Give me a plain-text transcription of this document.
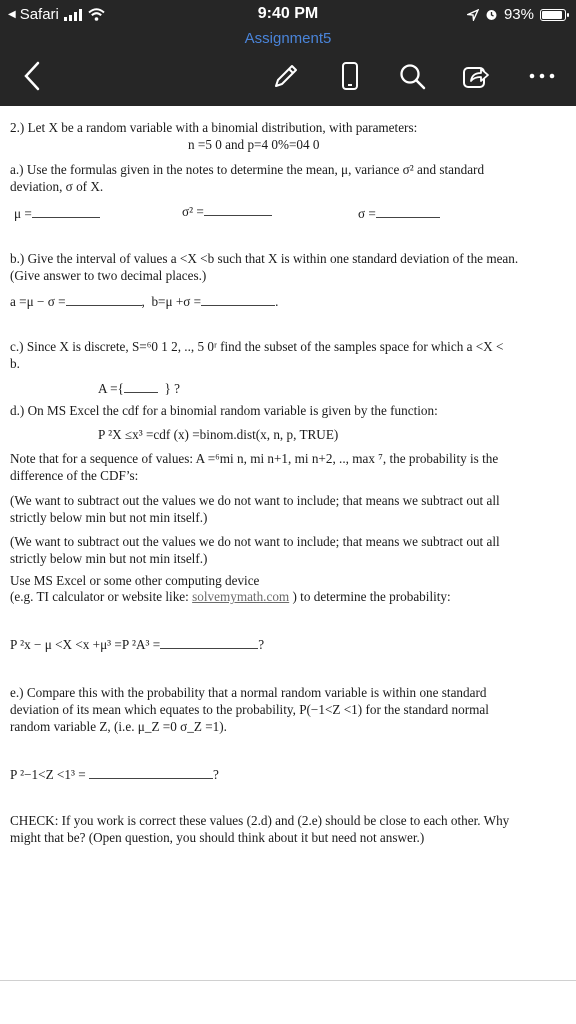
◀ Safari	9:40 PM	93%
Assignment5
2.) Let X be a random variable with a binomial distribution, with parameters:
n =5 0 and p=4 0%=04 0
a.) Use the formulas given in the notes to determine the mean, μ, variance σ² and standard
deviation, σ of X.
μ =	σ² =	σ =
b.) Give the interval of values a <X <b such that X is within one standard deviation of the mean.
(Give answer to two decimal places.)
a =μ − σ =	, b=μ +σ =	.
c.) Since X is discrete, S=⁶0 1 2, .., 5 0ʳ find the subset of the samples space for which a <X <
b.
A ={	} ?
d.) On MS Excel the cdf for a binomial random variable is given by the function:
P ²X ≤x³ =cdf (x) =binom.dist(x, n, p, TRUE)
Note that for a sequence of values: A =⁶mi n, mi n+1, mi n+2, .., max ⁷, the probability is the
difference of the CDF’s:
(We want to subtract out the values we do not want to include; that means we subtract out all
strictly below min but not min itself.)
(We want to subtract out the values we do not want to include; that means we subtract out all
strictly below min but not min itself.)
Use MS Excel or some other computing device
(e.g. TI calculator or website like: solvemymath.com ) to determine the probability:
P ²x − μ <X <x +μ³ =P ²A³ =	?
e.) Compare this with the probability that a normal random variable is within one standard
deviation of its mean which equates to the probability, P(−1<Z <1) for the standard normal
random variable Z, (i.e. μ_Z =0 σ_Z =1).
P ²−1<Z <1³ =	?
CHECK: If you work is correct these values (2.d) and (2.e) should be close to each other. Why
might that be? (Open question, you should think about it but need not answer.)
